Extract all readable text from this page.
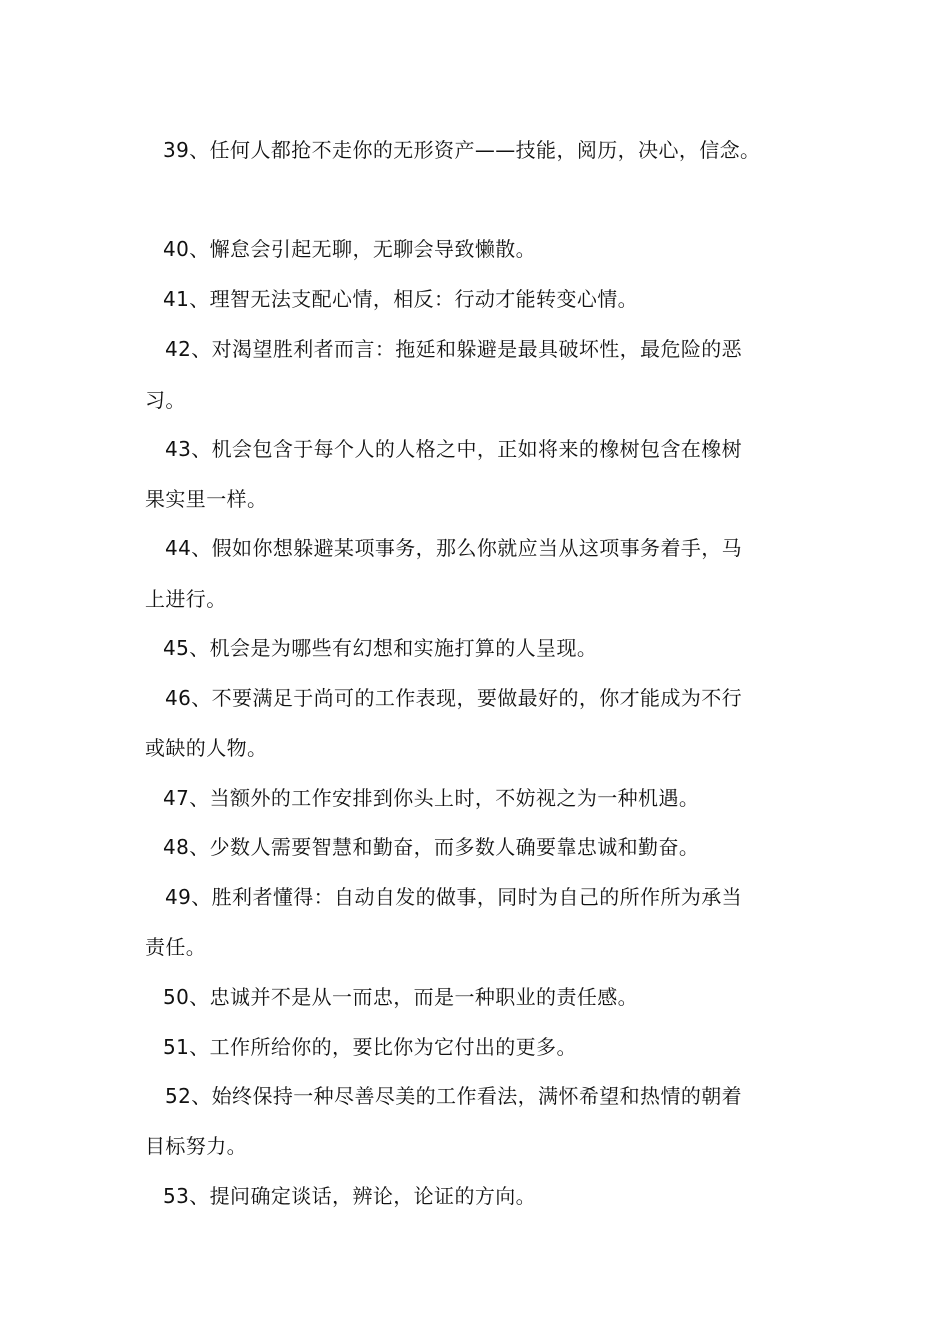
39、任何人都抢不走你的无形资产——技能，阅历，决心，信念。
40、懈怠会引起无聊，无聊会导致懒散。
41、理智无法支配心情，相反：行动才能转变心情。
42、对渴望胜利者而言：拖延和躲避是最具破坏性，最危险的恶
习。
43、机会包含于每个人的人格之中，正如将来的橡树包含在橡树
果实里一样。
44、假如你想躲避某项事务，那么你就应当从这项事务着手，马
上进行。
45、机会是为哪些有幻想和实施打算的人呈现。
46、不要满足于尚可的工作表现，要做最好的，你才能成为不行
或缺的人物。
47、当额外的工作安排到你头上时，不妨视之为一种机遇。
48、少数人需要智慧和勤奋，而多数人确要靠忠诚和勤奋。
49、胜利者懂得：自动自发的做事，同时为自己的所作所为承当
责任。
50、忠诚并不是从一而忠，而是一种职业的责任感。
51、工作所给你的，要比你为它付出的更多。
52、始终保持一种尽善尽美的工作看法，满怀希望和热情的朝着
目标努力。
53、提问确定谈话，辨论，论证的方向。
